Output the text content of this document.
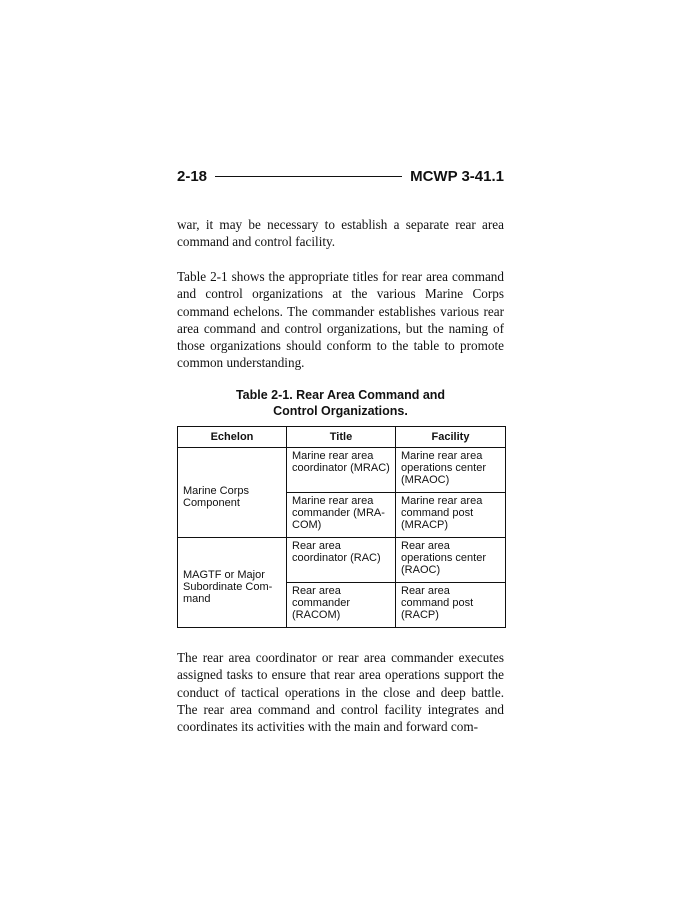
2-18	MCWP 3-41.1

war, it may be necessary to establish a separate rear area command and control facility.

Table 2-1 shows the appropriate titles for rear area command and control organizations at the various Marine Corps command echelons. The commander establishes various rear area command and control organizations, but the naming of those organizations should conform to the table to promote common understanding.

Table 2-1. Rear Area Command and
Control Organizations.
Echelon	Title	Facility

Marine Corps Component	Marine rear area coordinator (MRAC)	Marine rear area operations center (MRAOC)
	Marine rear area commander (MRA-COM)	Marine rear area command post (MRACP)

MAGTF or Major Subordinate Com-mand	Rear area coordinator (RAC)	Rear area operations center (RAOC)
	Rear area commander (RACOM)	Rear area command post (RACP)

The rear area coordinator or rear area commander executes assigned tasks to ensure that rear area operations support the conduct of tactical operations in the close and deep battle. The rear area command and control facility integrates and coordinates its activities with the main and forward com-
